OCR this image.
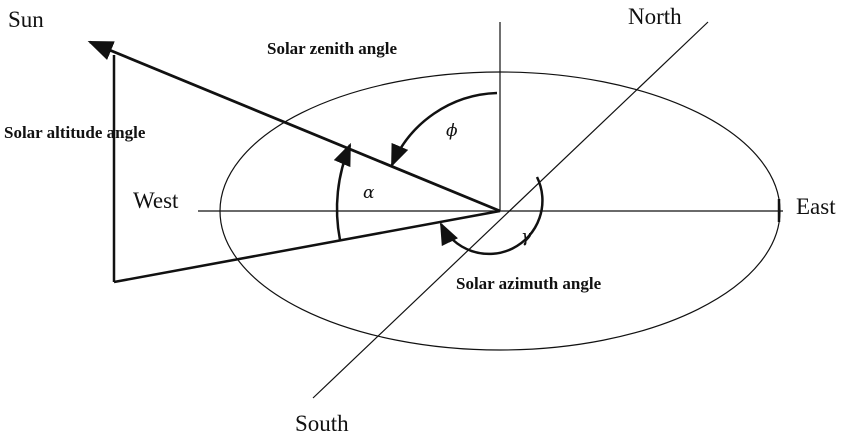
Sun	North
South
West	East
Solar zenith angle
Solar altitude angle
Solar azimuth angle
ϕ
α
γ
